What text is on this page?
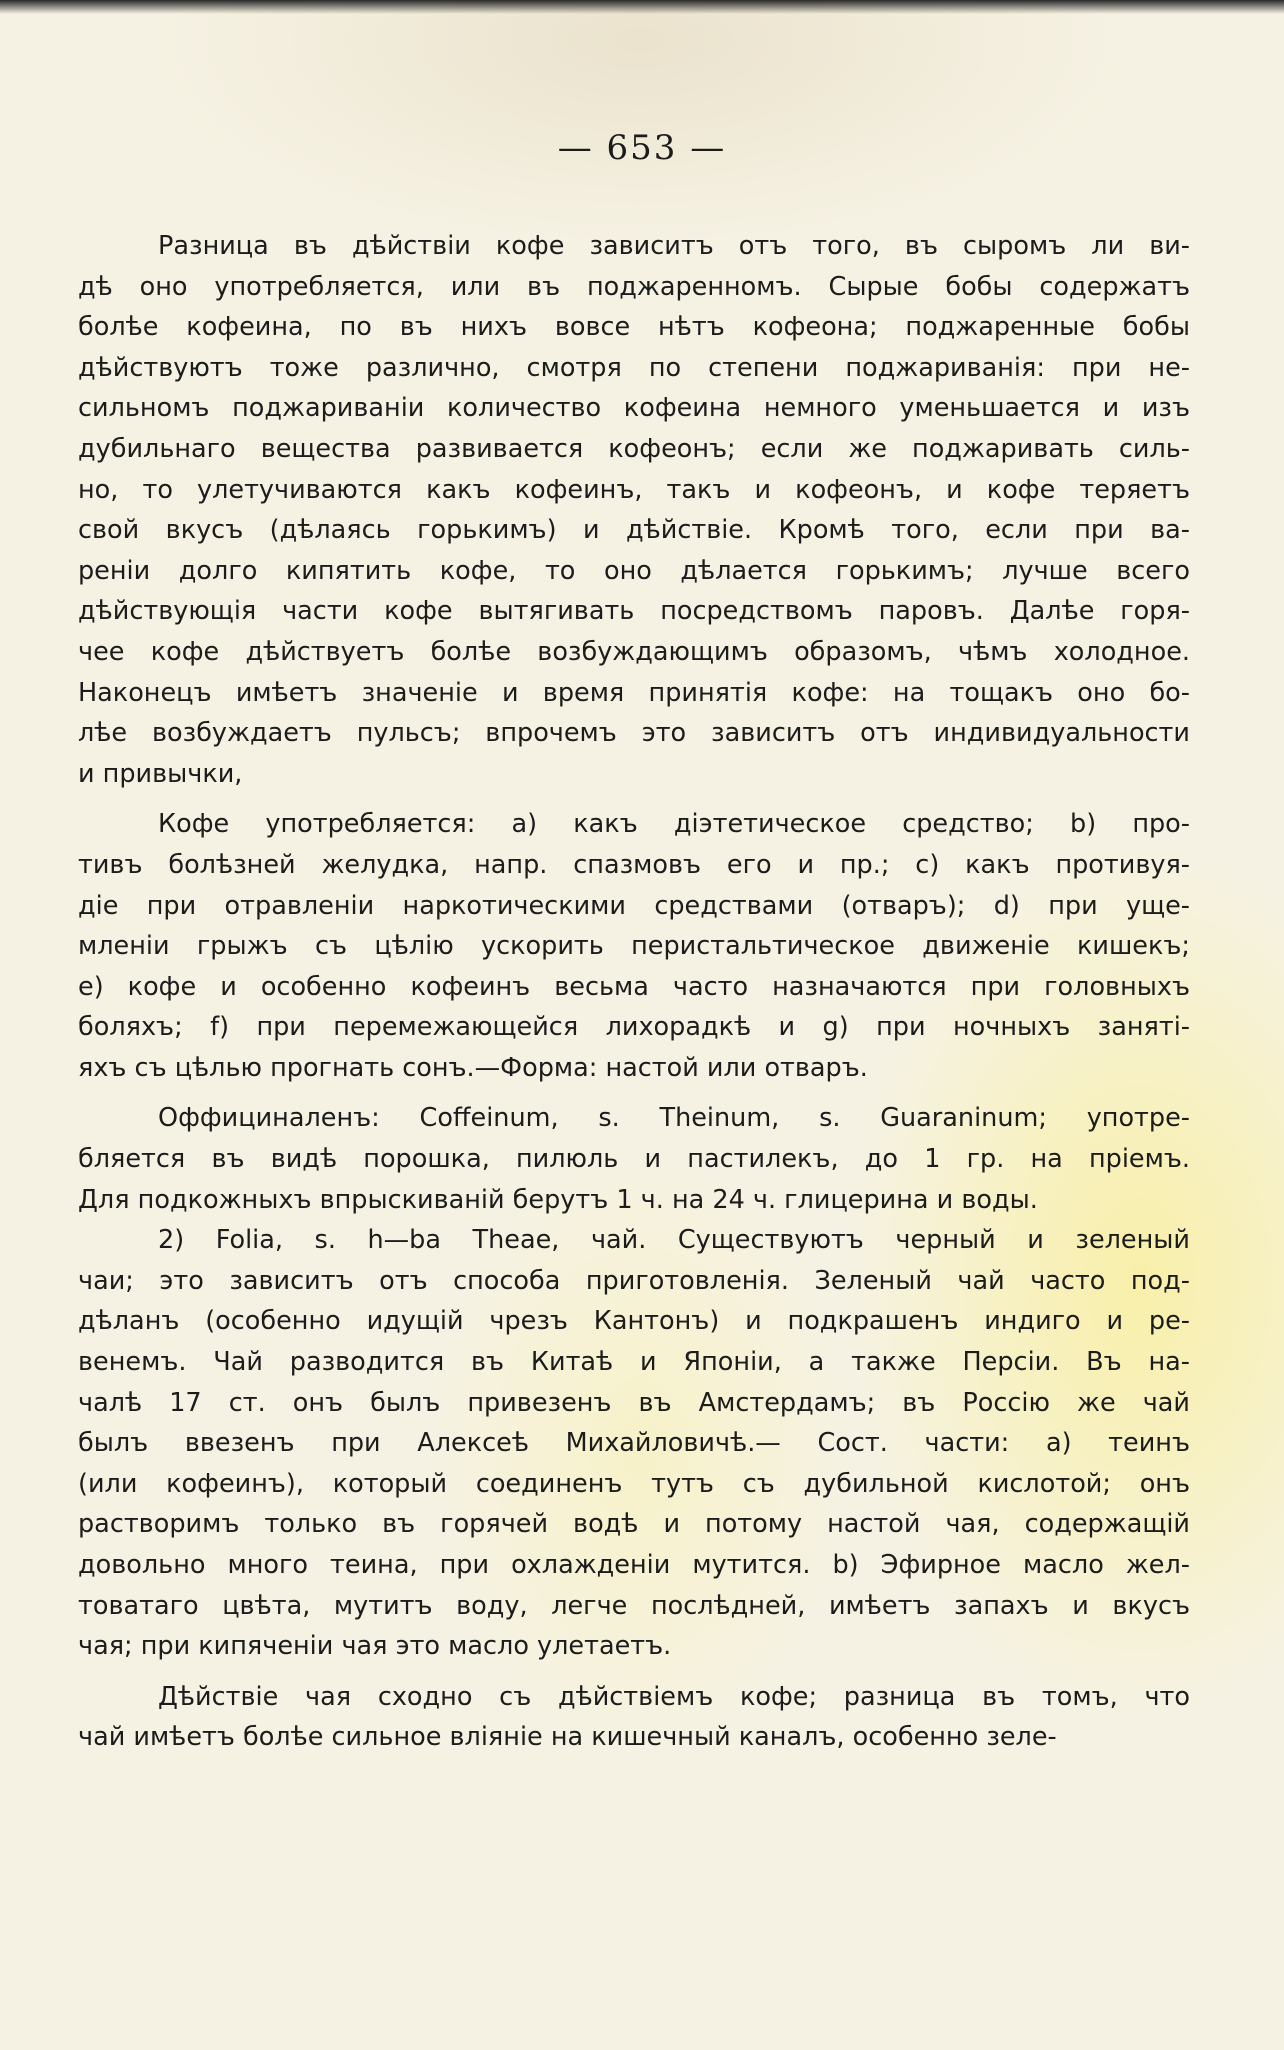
— 653 —
Разница въ дѣйствіи кофе зависитъ отъ того, въ сыромъ ли ви-
дѣ оно употребляется, или въ поджаренномъ. Сырые бобы содержатъ
болѣе кофеина, по въ нихъ вовсе нѣтъ кофеона; поджаренные бобы
дѣйствуютъ тоже различно, смотря по степени поджариванія: при не-
сильномъ поджариваніи количество кофеина немного уменьшается и изъ
дубильнаго вещества развивается кофеонъ; если же поджаривать силь-
но, то улетучиваются какъ кофеинъ, такъ и кофеонъ, и кофе теряетъ
свой вкусъ (дѣлаясь горькимъ) и дѣйствіе. Кромѣ того, если при ва-
реніи долго кипятить кофе, то оно дѣлается горькимъ; лучше всего
дѣйствующія части кофе вытягивать посредствомъ паровъ. Далѣе горя-
чее кофе дѣйствуетъ болѣе возбуждающимъ образомъ, чѣмъ холодное.
Наконецъ имѣетъ значеніе и время принятія кофе: на тощакъ оно бо-
лѣе возбуждаетъ пульсъ; впрочемъ это зависитъ отъ индивидуальности
и привычки,
Кофе употребляется: a) какъ діэтетическое средство; b) про-
тивъ болѣзней желудка, напр. спазмовъ его и пр.; c) какъ противуя-
діе при отравленіи наркотическими средствами (отваръ); d) при уще-
мленіи грыжъ съ цѣлію ускорить перистальтическое движеніе кишекъ;
e) кофе и особенно кофеинъ весьма часто назначаются при головныхъ
боляхъ; f) при перемежающейся лихорадкѣ и g) при ночныхъ заняті-
яхъ съ цѣлью прогнать сонъ.—Форма: настой или отваръ.
Оффициналенъ: Coffeinum, s. Theinum, s. Guaraninum; употре-
бляется въ видѣ порошка, пилюль и пастилекъ, до 1 гр. на пріемъ.
Для подкожныхъ впрыскиваній берутъ 1 ч. на 24 ч. глицерина и воды.
2) Folia, s. h—ba Theae, чай. Существуютъ черный и зеленый
чаи; это зависитъ отъ способа приготовленія. Зеленый чай часто под-
дѣланъ (особенно идущій чрезъ Кантонъ) и подкрашенъ индиго и ре-
венемъ. Чай разводится въ Китаѣ и Японіи, а также Персіи. Въ на-
чалѣ 17 ст. онъ былъ привезенъ въ Амстердамъ; въ Россію же чай
былъ ввезенъ при Алексеѣ Михайловичѣ.— Сост. части: a) теинъ
(или кофеинъ), который соединенъ тутъ съ дубильной кислотой; онъ
растворимъ только въ горячей водѣ и потому настой чая, содержащій
довольно много теина, при охлажденіи мутится. b) Эфирное масло жел-
товатаго цвѣта, мутитъ воду, легче послѣдней, имѣетъ запахъ и вкусъ
чая; при кипяченіи чая это масло улетаетъ.
Дѣйствіе чая сходно съ дѣйствіемъ кофе; разница въ томъ, что
чай имѣетъ болѣе сильное вліяніе на кишечный каналъ, особенно зеле-
